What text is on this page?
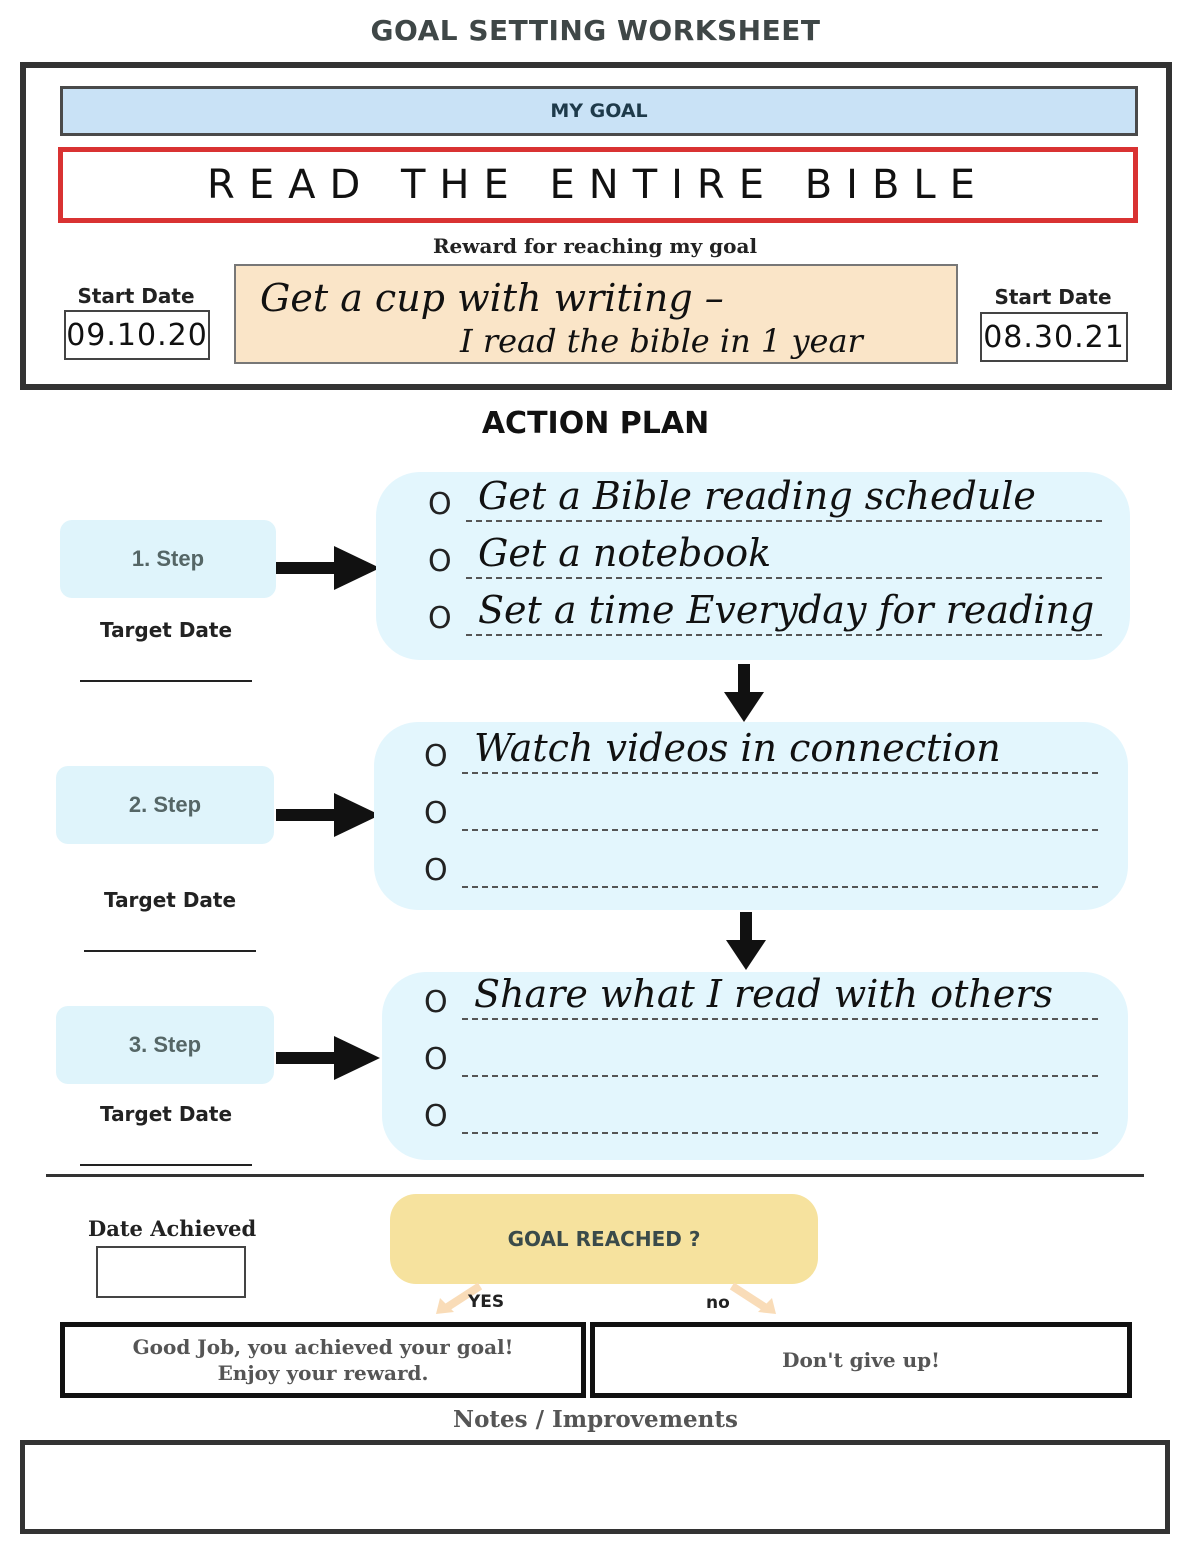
GOAL SETTING WORKSHEET
MY GOAL
READ THE ENTIRE BIBLE
Reward for reaching my goal
Get a cup with writing –
I read the bible in 1 year
Start Date
09.10.20
Start Date
08.30.21
ACTION PLAN
1. Step
Target Date
O Get a Bible reading schedule
O Get a notebook
O Set a time Everyday for reading
2. Step
Target Date
O Watch videos in connection
O
O
3. Step
Target Date
O Share what I read with others
O
O
Date Achieved	GOAL REACHED ?
YES	no
Good Job, you achieved your goal!
Enjoy your reward.
Don't give up!
Notes / Improvements
